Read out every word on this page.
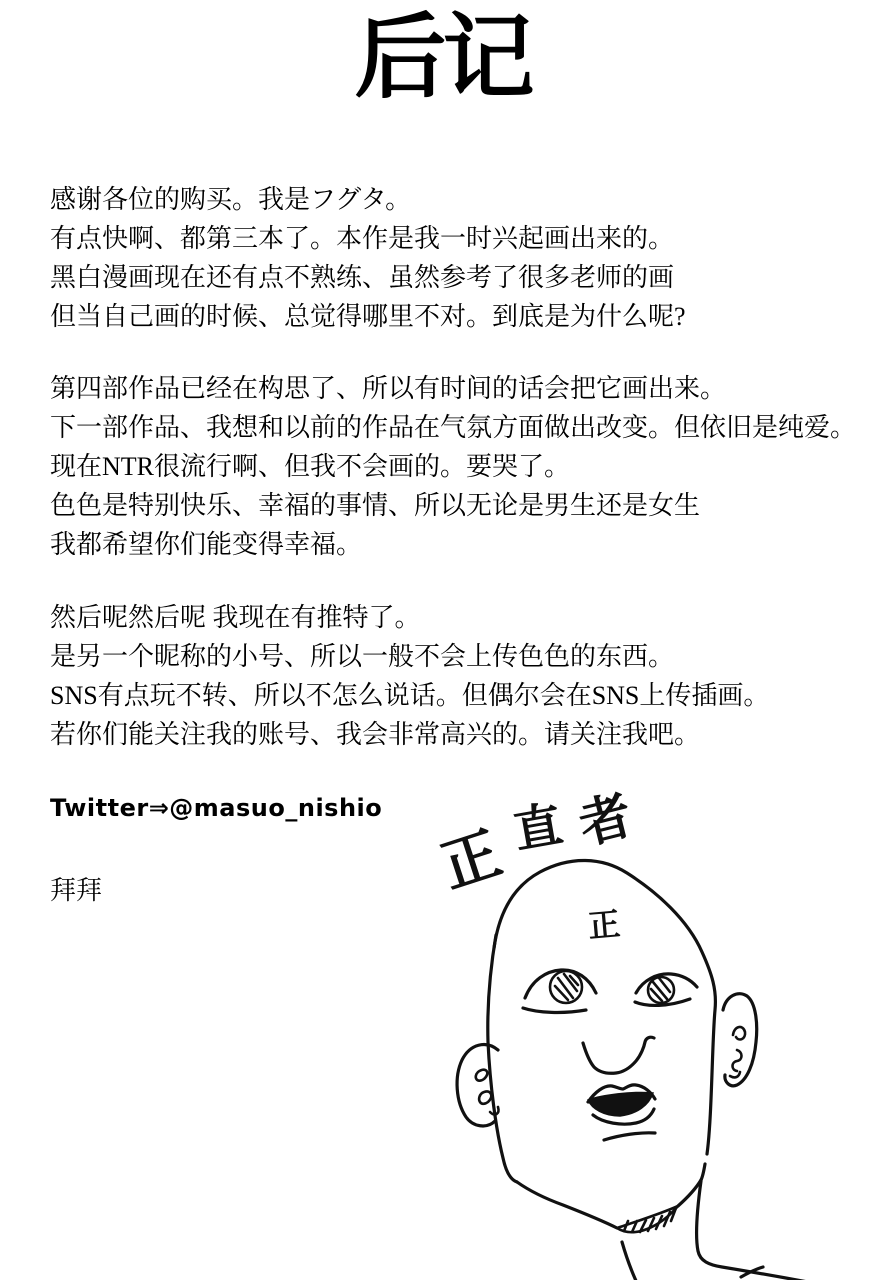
后记
感谢各位的购买。我是フグタ。
有点快啊、都第三本了。本作是我一时兴起画出来的。
黑白漫画现在还有点不熟练、虽然参考了很多老师的画
但当自己画的时候、总觉得哪里不对。到底是为什么呢?
第四部作品已经在构思了、所以有时间的话会把它画出来。
下一部作品、我想和以前的作品在气氛方面做出改变。但依旧是纯爱。
现在NTR很流行啊、但我不会画的。要哭了。
色色是特别快乐、幸福的事情、所以无论是男生还是女生
我都希望你们能变得幸福。
然后呢然后呢 我现在有推特了。
是另一个昵称的小号、所以一般不会上传色色的东西。
SNS有点玩不转、所以不怎么说话。但偶尔会在SNS上传插画。
若你们能关注我的账号、我会非常高兴的。请关注我吧。
Twitter⇒@masuo_nishio
拜拜	正 直 者
正
